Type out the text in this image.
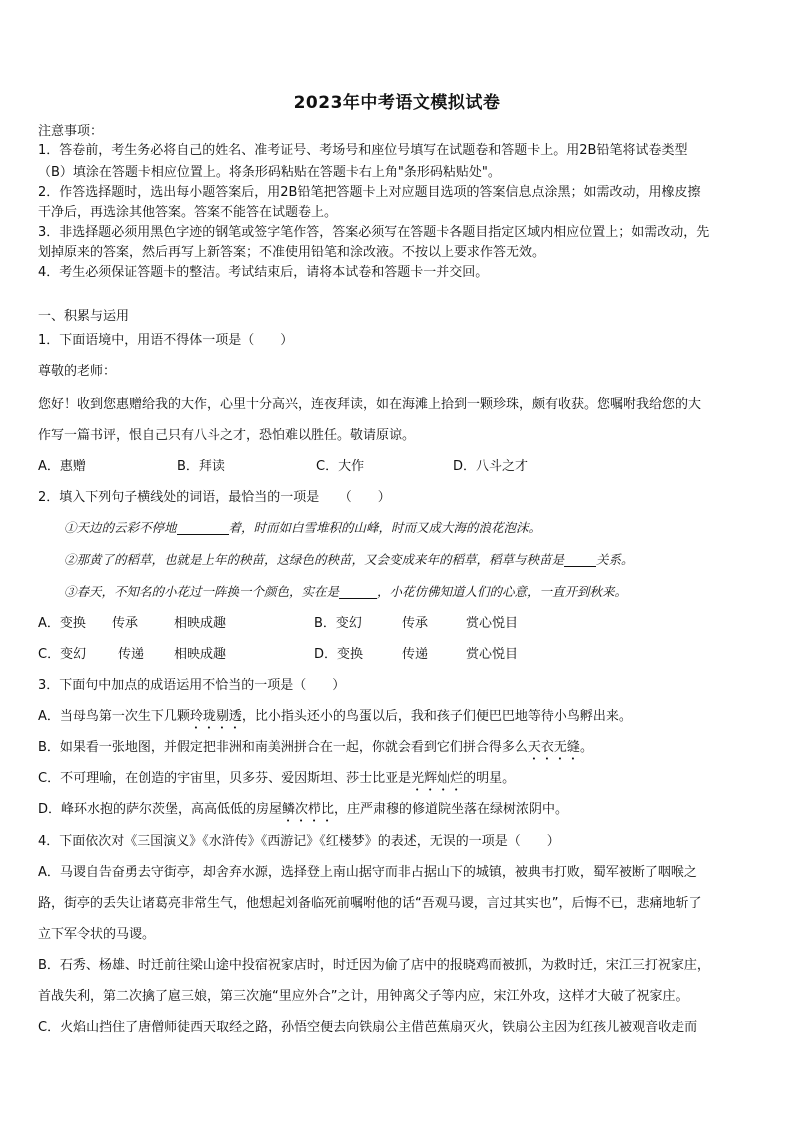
2023年中考语文模拟试卷
注意事项：
1．答卷前，考生务必将自己的姓名、准考证号、考场号和座位号填写在试题卷和答题卡上。用2B铅笔将试卷类型
（B）填涂在答题卡相应位置上。将条形码粘贴在答题卡右上角"条形码粘贴处"。
2．作答选择题时，选出每小题答案后，用2B铅笔把答题卡上对应题目选项的答案信息点涂黑；如需改动，用橡皮擦
干净后，再选涂其他答案。答案不能答在试题卷上。
3．非选择题必须用黑色字迹的钢笔或签字笔作答，答案必须写在答题卡各题目指定区域内相应位置上；如需改动，先
划掉原来的答案，然后再写上新答案；不准使用铅笔和涂改液。不按以上要求作答无效。
4．考生必须保证答题卡的整洁。考试结束后，请将本试卷和答题卡一并交回。
一、积累与运用
1．下面语境中，用语不得体一项是（　　）
尊敬的老师：
您好！收到您惠赠给我的大作，心里十分高兴，连夜拜读，如在海滩上拾到一颗珍珠，颇有收获。您嘱咐我给您的大
作写一篇书评，恨自己只有八斗之才，恐怕难以胜任。敬请原谅。
A．惠赠	B．拜读	C．大作	D．八斗之才
2．填入下列句子横线处的词语，最恰当的一项是　　（　　）
①天边的云彩不停地	着，时而如白雪堆积的山峰，时而又成大海的浪花泡沫。
②那黄了的稻草，也就是上年的秧苗，这绿色的秧苗，又会变成来年的稻草，稻草与秧苗是	关系。
③春天，不知名的小花过一阵换一个颜色，实在是	，小花仿佛知道人们的心意，一直开到秋来。
A．变换 传承	相映成趣	B．变幻	传承	赏心悦目
C．变幻 传递 相映成趣	D．变换	传递	赏心悦目
3．下面句中加点的成语运用不恰当的一项是（　　）
A．当母鸟第一次生下几颗玲珑剔透，比小指头还小的鸟蛋以后，我和孩子们便巴巴地等待小鸟孵出来。
B．如果看一张地图，并假定把非洲和南美洲拼合在一起，你就会看到它们拼合得多么天衣无缝。
C．不可理喻，在创造的宇宙里，贝多芬、爱因斯坦、莎士比亚是光辉灿烂的明星。
D．峰环水抱的萨尔茨堡，高高低低的房屋鳞次栉比，庄严肃穆的修道院坐落在绿树浓阴中。
4．下面依次对《三国演义》《水浒传》《西游记》《红楼梦》的表述，无误的一项是（　　）
A．马谡自告奋勇去守街亭，却舍弃水源，选择登上南山据守而非占据山下的城镇，被典韦打败，蜀军被断了咽喉之
路，街亭的丢失让诸葛亮非常生气，他想起刘备临死前嘱咐他的话“吾观马谡，言过其实也”，后悔不已，悲痛地斩了
立下军令状的马谡。
B．石秀、杨雄、时迁前往梁山途中投宿祝家店时，时迁因为偷了店中的报晓鸡而被抓，为救时迁，宋江三打祝家庄，
首战失利，第二次擒了扈三娘，第三次施“里应外合”之计，用钟离父子等内应，宋江外攻，这样才大破了祝家庄。
C．火焰山挡住了唐僧师徒西天取经之路，孙悟空便去向铁扇公主借芭蕉扇灭火，铁扇公主因为红孩儿被观音收走而
